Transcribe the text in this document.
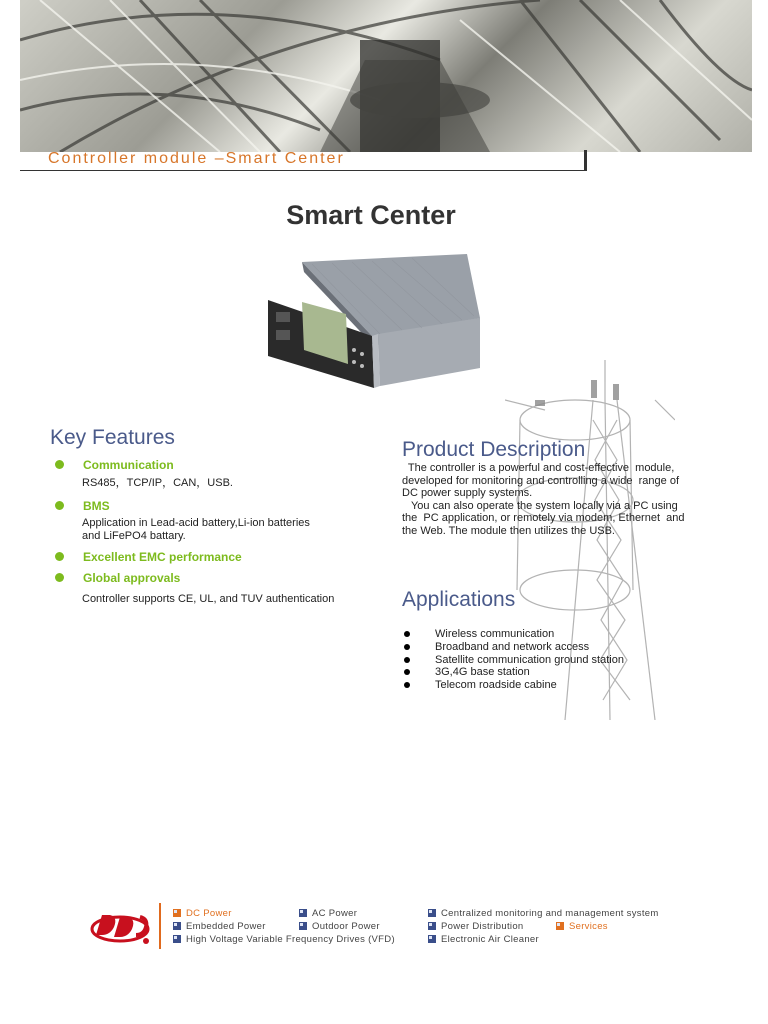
Controller module –Smart Center
Smart Center
Key Features
Communication
RS485，TCP/IP，CAN，USB.
BMS
Application in Lead-acid battery,Li-ion batteries
and LiFePO4 battary.
Excellent EMC performance
Global approvals
Controller supports CE, UL, and TUV authentication
Product Description
The controller is a powerful and cost-effective  module,
developed for monitoring and controlling a wide  range of
DC power supply systems.
You can also operate the system locally via a PC using
the  PC application, or remotely via modem, Ethernet  and
the Web. The module then utilizes the USB.
Applications
Wireless communication
Broadband and network access
Satellite communication ground station
3G,4G base station
Telecom roadside cabine
DC Power	AC Power	Centralized monitoring and management system
Embedded Power	Outdoor Power	Power Distribution	Services
High Voltage Variable Frequency Drives (VFD)	Electronic Air Cleaner
